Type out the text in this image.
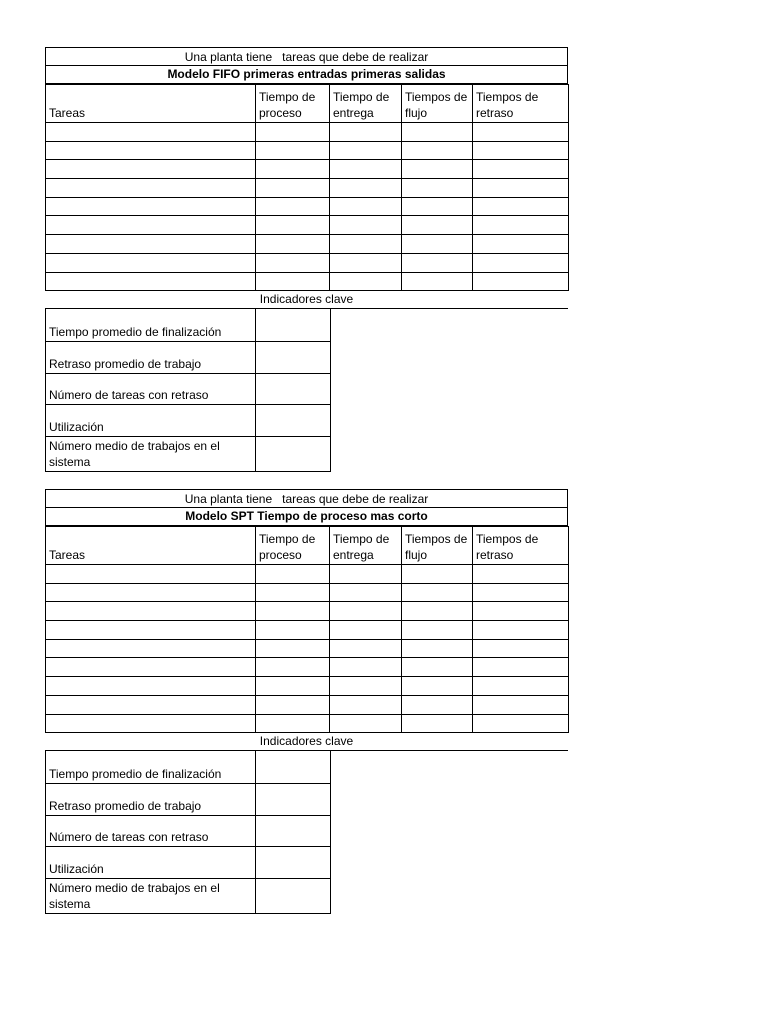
Una planta tiene   tareas que debe de realizar
Modelo FIFO primeras entradas primeras salidas
Tareas	Tiempo de proceso	Tiempo de entrega	Tiempos de flujo	Tiempos de retraso

Indicadores clave
Tiempo promedio de finalización	
Retraso promedio de trabajo	
Número de tareas con retraso	
Utilización	
Número medio de trabajos en el sistema	
Una planta tiene   tareas que debe de realizar
Modelo SPT Tiempo de proceso mas corto
Tareas	Tiempo de proceso	Tiempo de entrega	Tiempos de flujo	Tiempos de retraso

Indicadores clave
Tiempo promedio de finalización	
Retraso promedio de trabajo	
Número de tareas con retraso	
Utilización	
Número medio de trabajos en el sistema	
